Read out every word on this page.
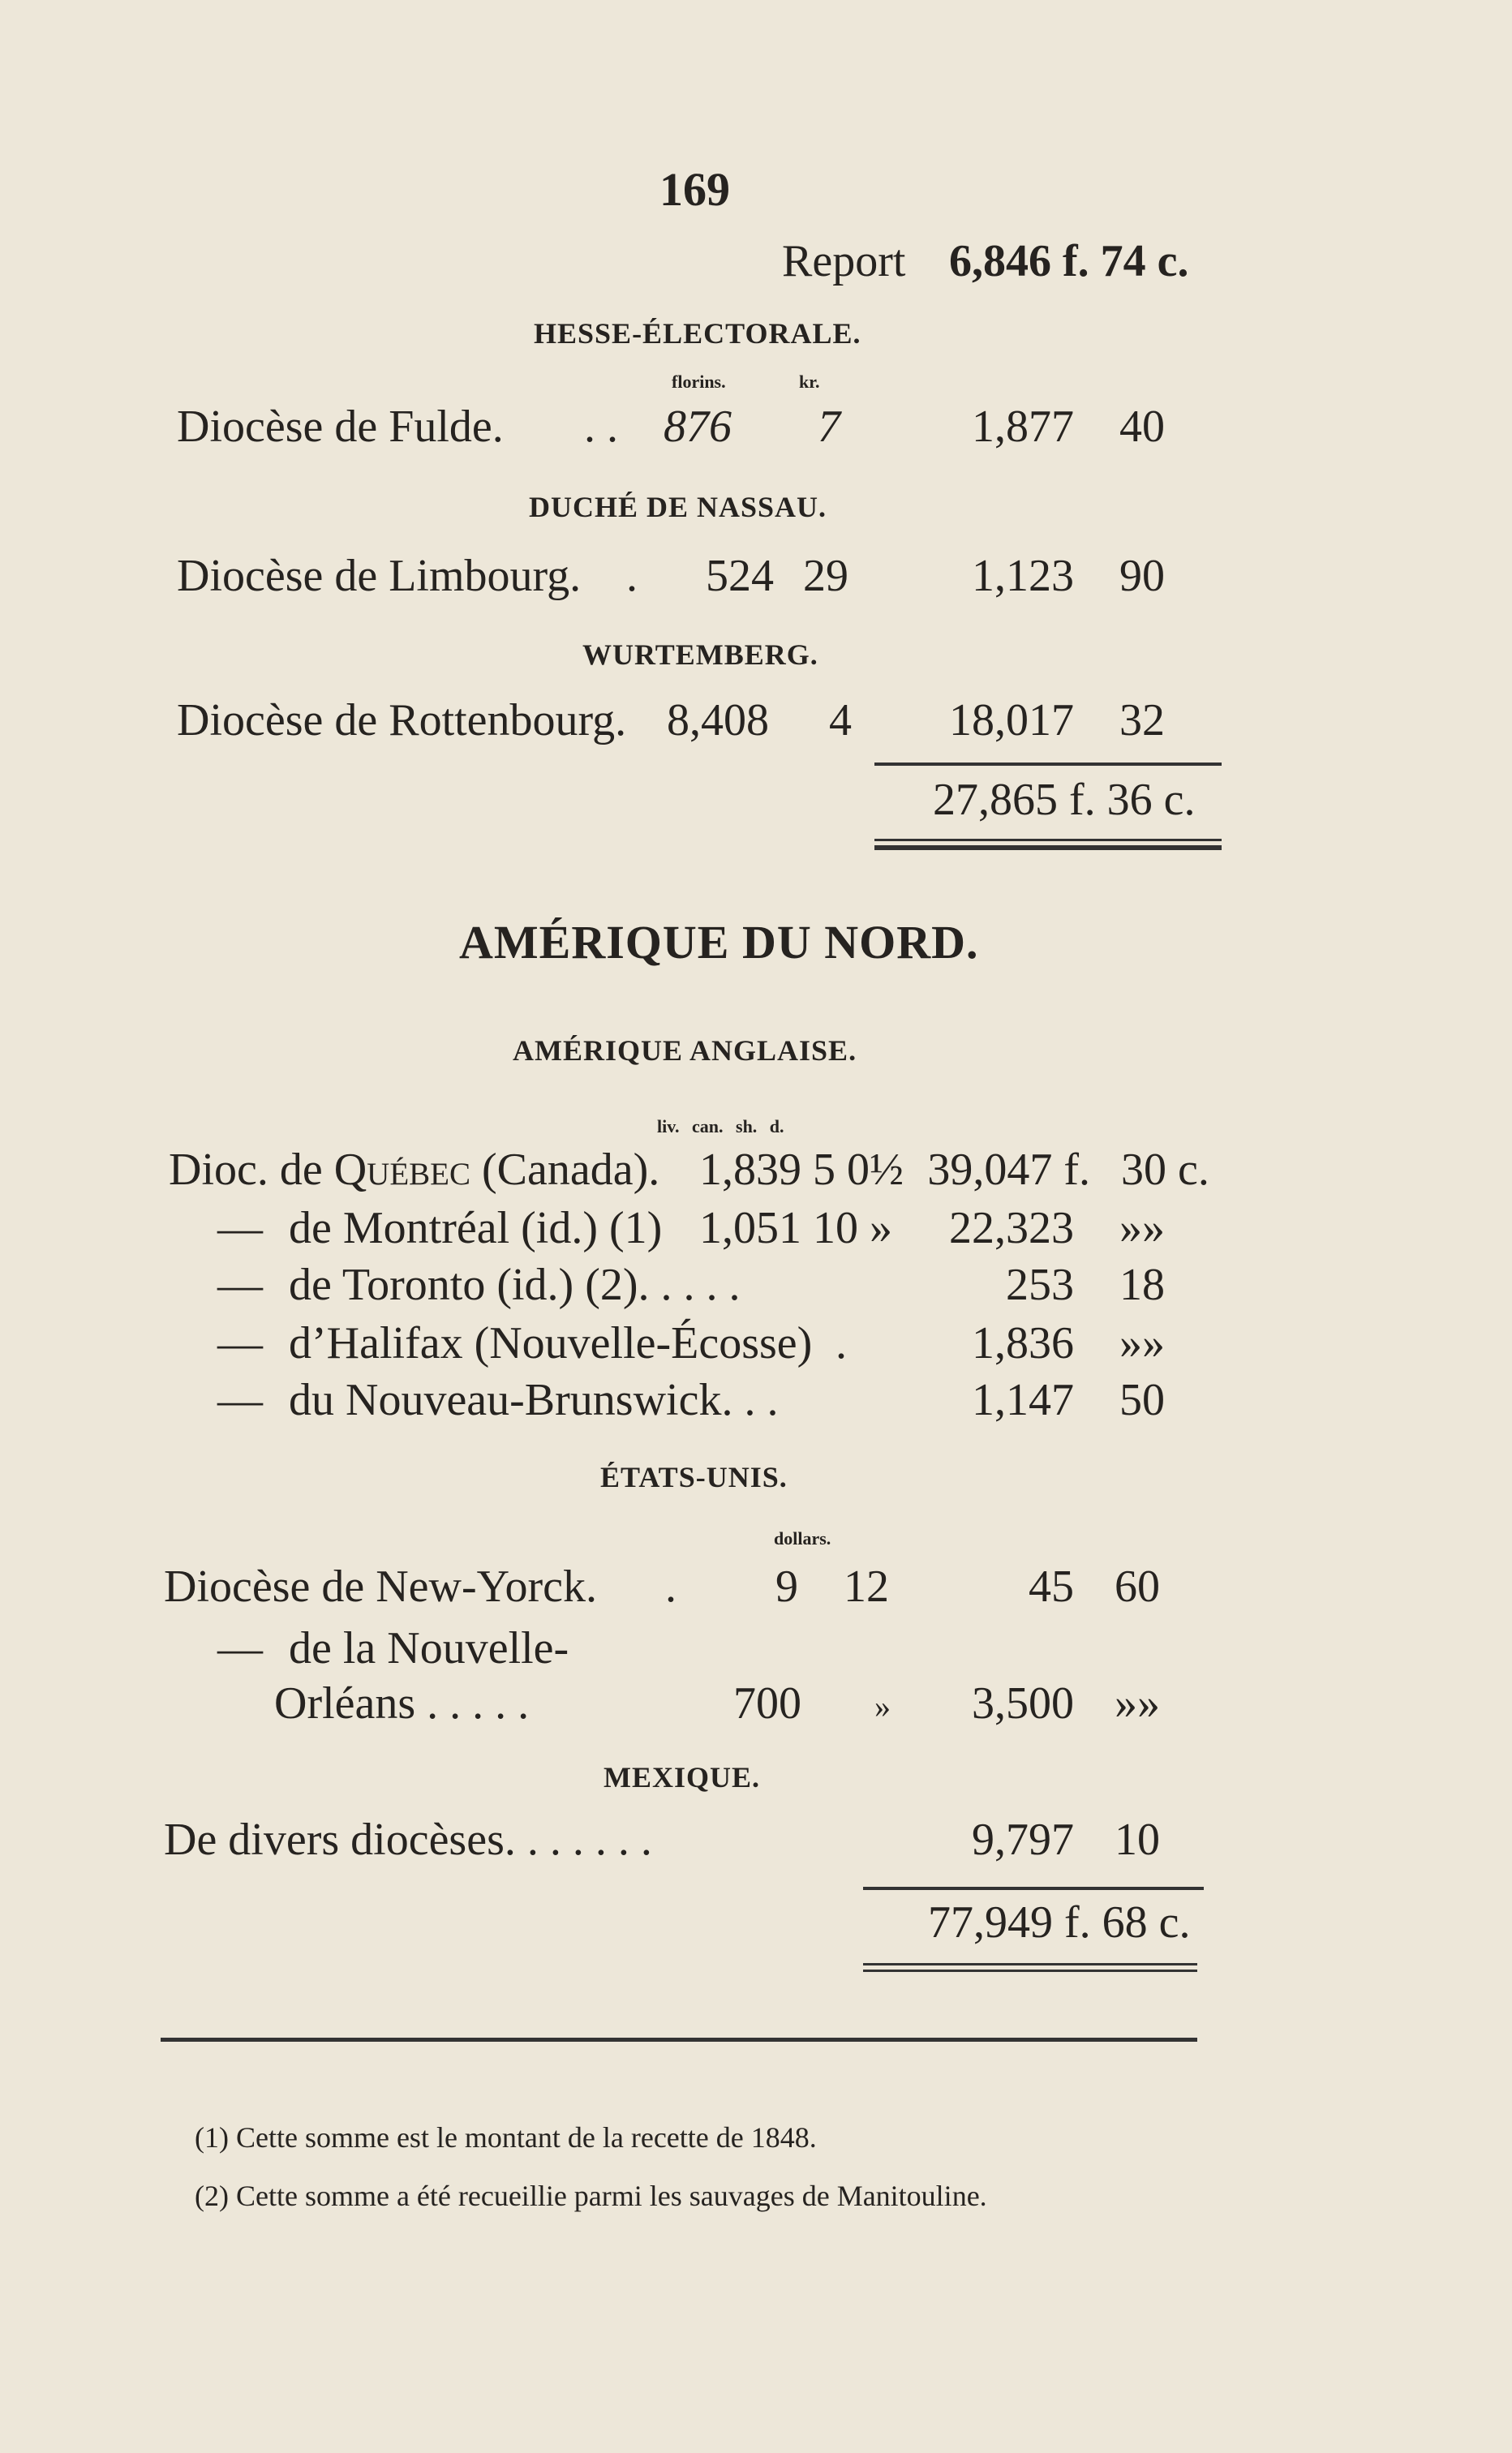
169
Report 6,846 f. 74 c.
HESSE-ÉLECTORALE.
florins.	kr.
Diocèse de Fulde. . . 876 7	1,877 40
DUCHÉ DE NASSAU.
Diocèse de Limbourg. . 524 29	1,123 90
WURTEMBERG.
Diocèse de Rottenbourg. 8,408 4 18,017 32
27,865 f. 36 c.
AMÉRIQUE DU NORD.
AMÉRIQUE ANGLAISE.
liv. can. sh. d.
Dioc. de Québec (Canada). 1,839 5 0½ 39,047 f. 30 c.
— de Montréal (id.) (1) 1,051 10 » 22,323 »»
— de Toronto (id.) (2). . . . .	253 18
— d’Halifax (Nouvelle-Écosse) .	1,836 »»
— du Nouveau-Brunswick. . .	1,147 50
ÉTATS-UNIS.
dollars.
Diocèse de New-Yorck. . 9 12	45 60
— de la Nouvelle-
Orléans . . . . .	700 » 3,500 »»
MEXIQUE.
De divers diocèses. . . . . . .	9,797 10
77,949 f. 68 c.
(1) Cette somme est le montant de la recette de 1848.
(2) Cette somme a été recueillie parmi les sauvages de Manitouline.
